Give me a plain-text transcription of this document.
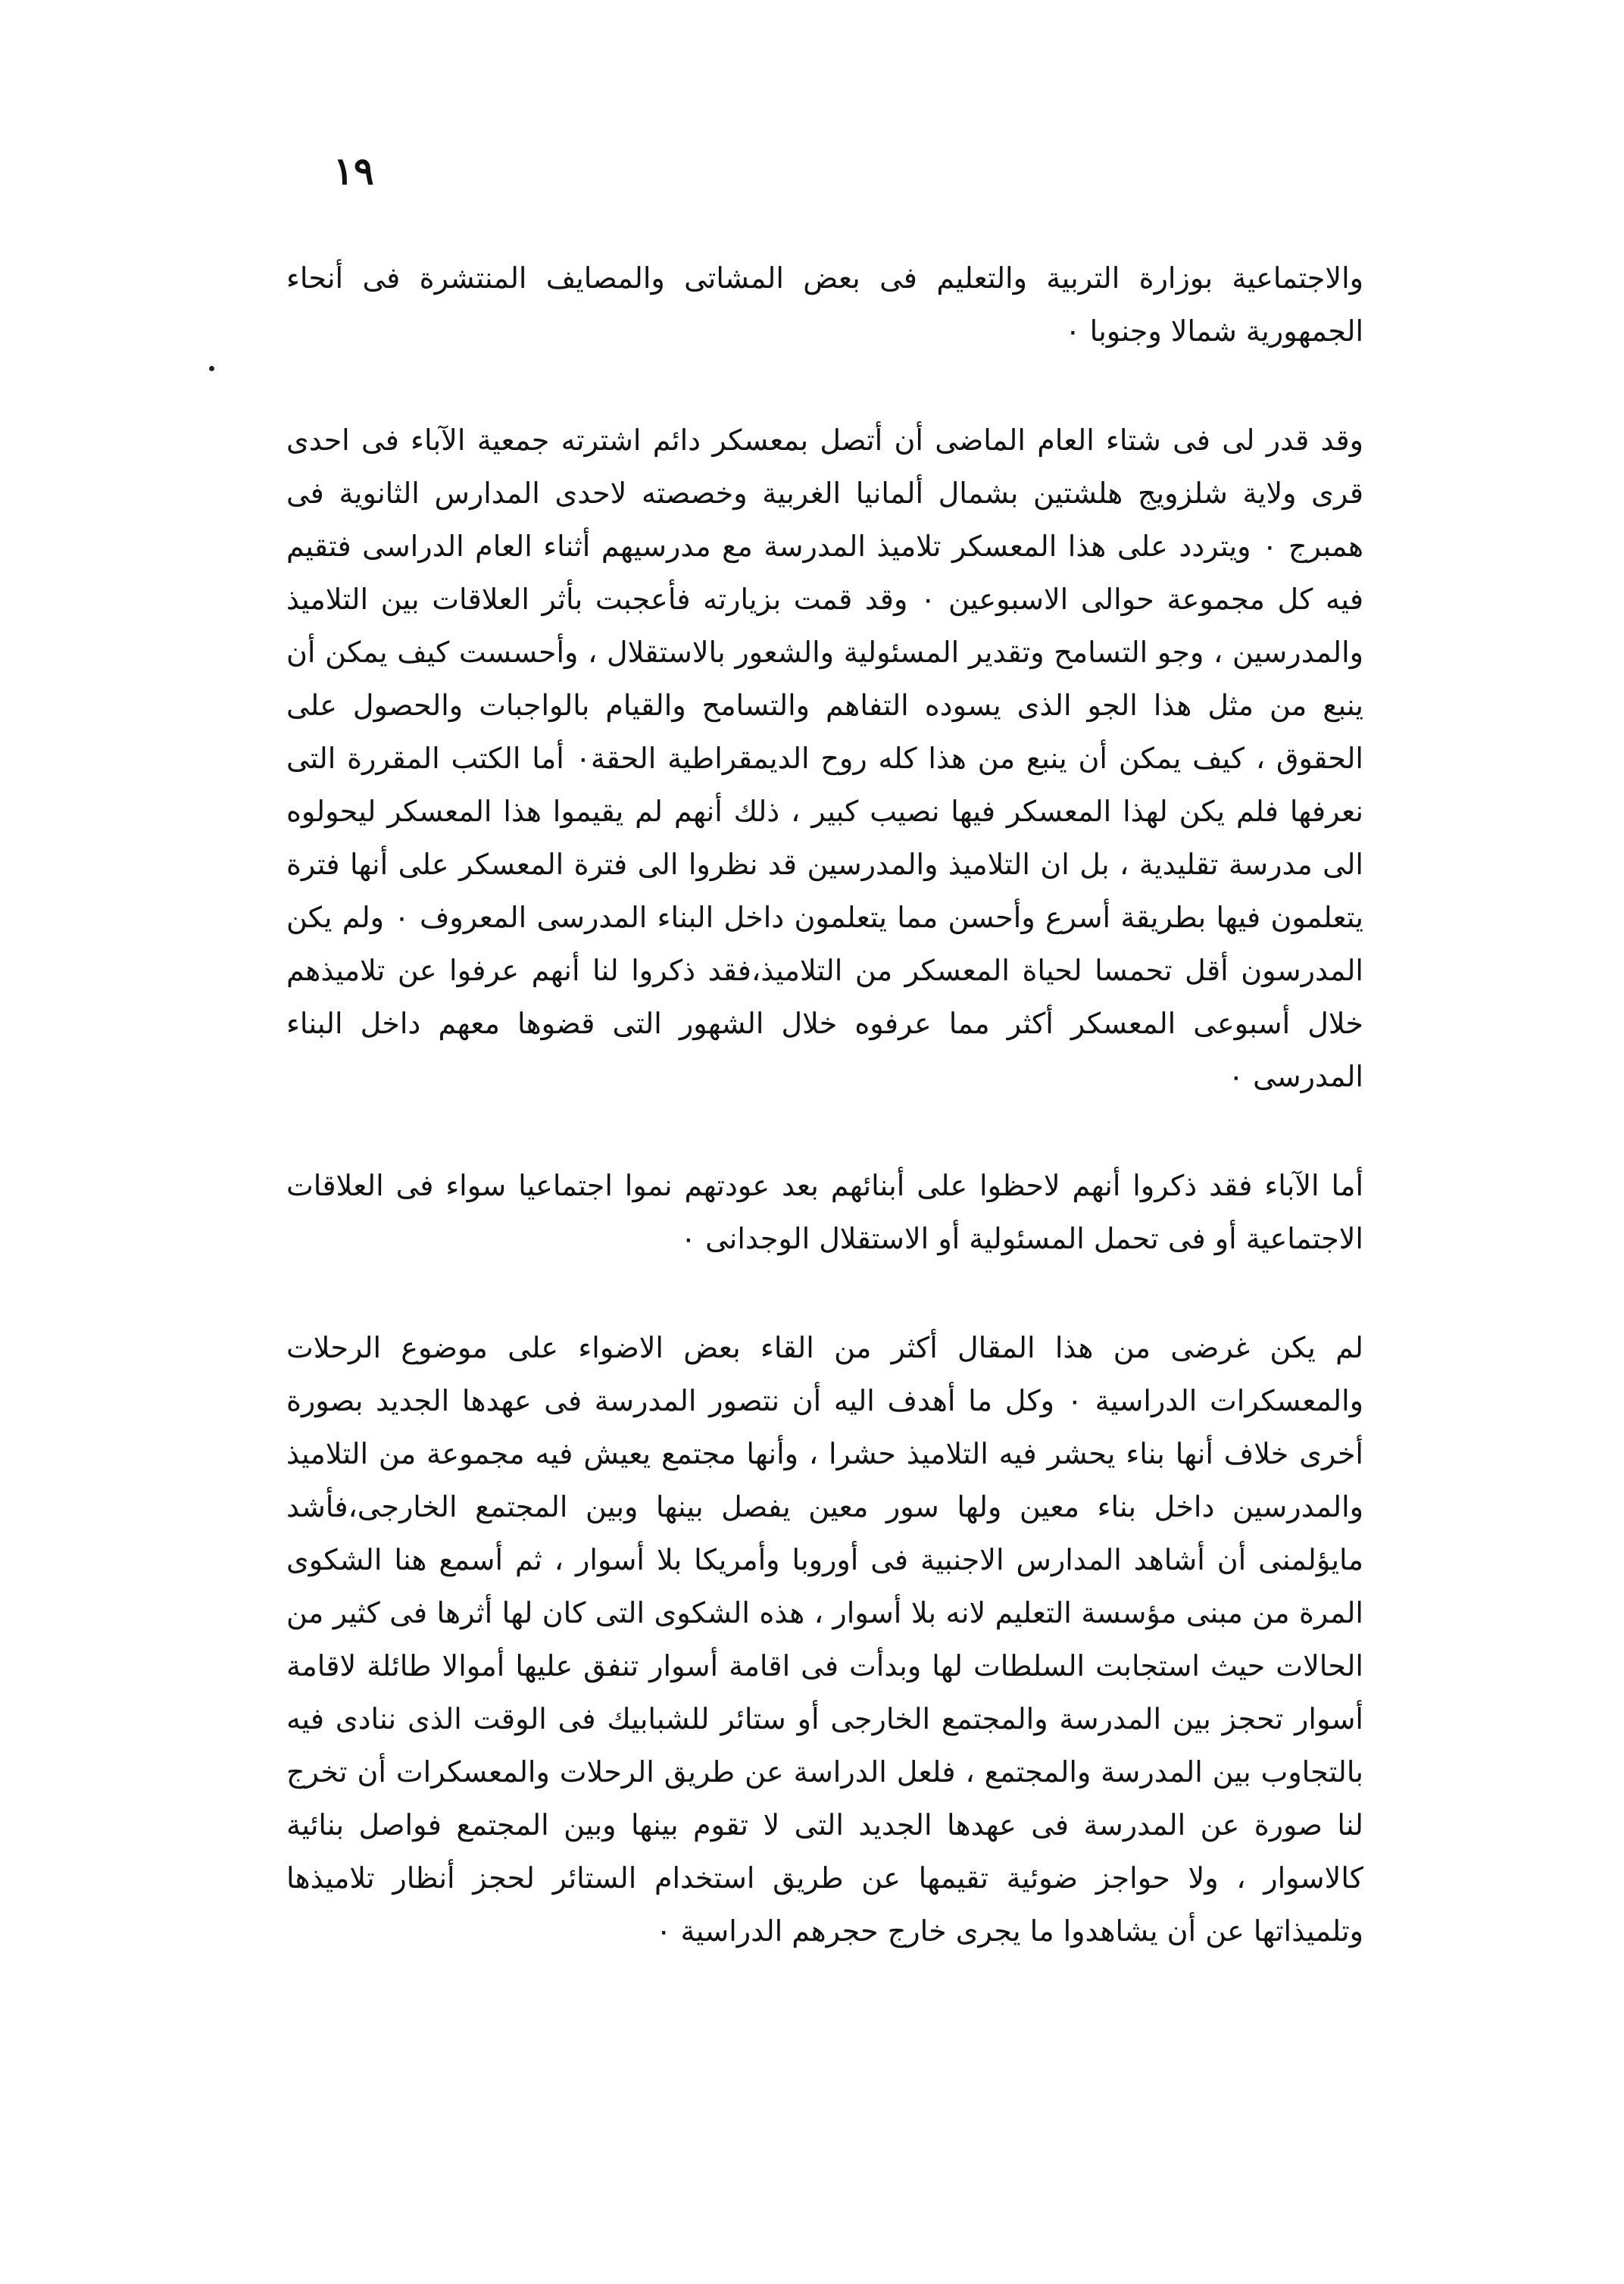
١٩

والاجتماعية بوزارة التربية والتعليم فى بعض المشاتى والمصايف المنتشرة فى أنحاء الجمهورية شمالا وجنوبا ٠

وقد قدر لى فى شتاء العام الماضى أن أتصل بمعسكر دائم اشترته جمعية الآباء فى احدى قرى ولاية شلزويج هلشتين بشمال ألمانيا الغربية وخصصته لاحدى المدارس الثانوية فى همبرج ٠ ويتردد على هذا المعسكر تلاميذ المدرسة مع مدرسيهم أثناء العام الدراسى فتقيم فيه كل مجموعة حوالى الاسبوعين ٠ وقد قمت بزيارته فأعجبت بأثر العلاقات بين التلاميذ والمدرسين ، وجو التسامح وتقدير المسئولية والشعور بالاستقلال ، وأحسست كيف يمكن أن ينبع من مثل هذا الجو الذى يسوده التفاهم والتسامح والقيام بالواجبات والحصول على الحقوق ، كيف يمكن أن ينبع من هذا كله روح الديمقراطية الحقة٠ أما الكتب المقررة التى نعرفها فلم يكن لهذا المعسكر فيها نصيب كبير ، ذلك أنهم لم يقيموا هذا المعسكر ليحولوه الى مدرسة تقليدية ، بل ان التلاميذ والمدرسين قد نظروا الى فترة المعسكر على أنها فترة يتعلمون فيها بطريقة أسرع وأحسن مما يتعلمون داخل البناء المدرسى المعروف ٠ ولم يكن المدرسون أقل تحمسا لحياة المعسكر من التلاميذ،فقد ذكروا لنا أنهم عرفوا عن تلاميذهم خلال أسبوعى المعسكر أكثر مما عرفوه خلال الشهور التى قضوها معهم داخل البناء المدرسى ٠

أما الآباء فقد ذكروا أنهم لاحظوا على أبنائهم بعد عودتهم نموا اجتماعيا سواء فى العلاقات الاجتماعية أو فى تحمل المسئولية أو الاستقلال الوجدانى ٠

لم يكن غرضى من هذا المقال أكثر من القاء بعض الاضواء على موضوع الرحلات والمعسكرات الدراسية ٠ وكل ما أهدف اليه أن نتصور المدرسة فى عهدها الجديد بصورة أخرى خلاف أنها بناء يحشر فيه التلاميذ حشرا ، وأنها مجتمع يعيش فيه مجموعة من التلاميذ والمدرسين داخل بناء معين ولها سور معين يفصل بينها وبين المجتمع الخارجى،فأشد مايؤلمنى أن أشاهد المدارس الاجنبية فى أوروبا وأمريكا بلا أسوار ، ثم أسمع هنا الشكوى المرة من مبنى مؤسسة التعليم لانه بلا أسوار ، هذه الشكوى التى كان لها أثرها فى كثير من الحالات حيث استجابت السلطات لها وبدأت فى اقامة أسوار تنفق عليها أموالا طائلة لاقامة أسوار تحجز بين المدرسة والمجتمع الخارجى أو ستائر للشبابيك فى الوقت الذى ننادى فيه بالتجاوب بين المدرسة والمجتمع ، فلعل الدراسة عن طريق الرحلات والمعسكرات أن تخرج لنا صورة عن المدرسة فى عهدها الجديد التى لا تقوم بينها وبين المجتمع فواصل بنائية كالاسوار ، ولا حواجز ضوئية تقيمها عن طريق استخدام الستائر لحجز أنظار تلاميذها وتلميذاتها عن أن يشاهدوا ما يجرى خارج حجرهم الدراسية ٠
